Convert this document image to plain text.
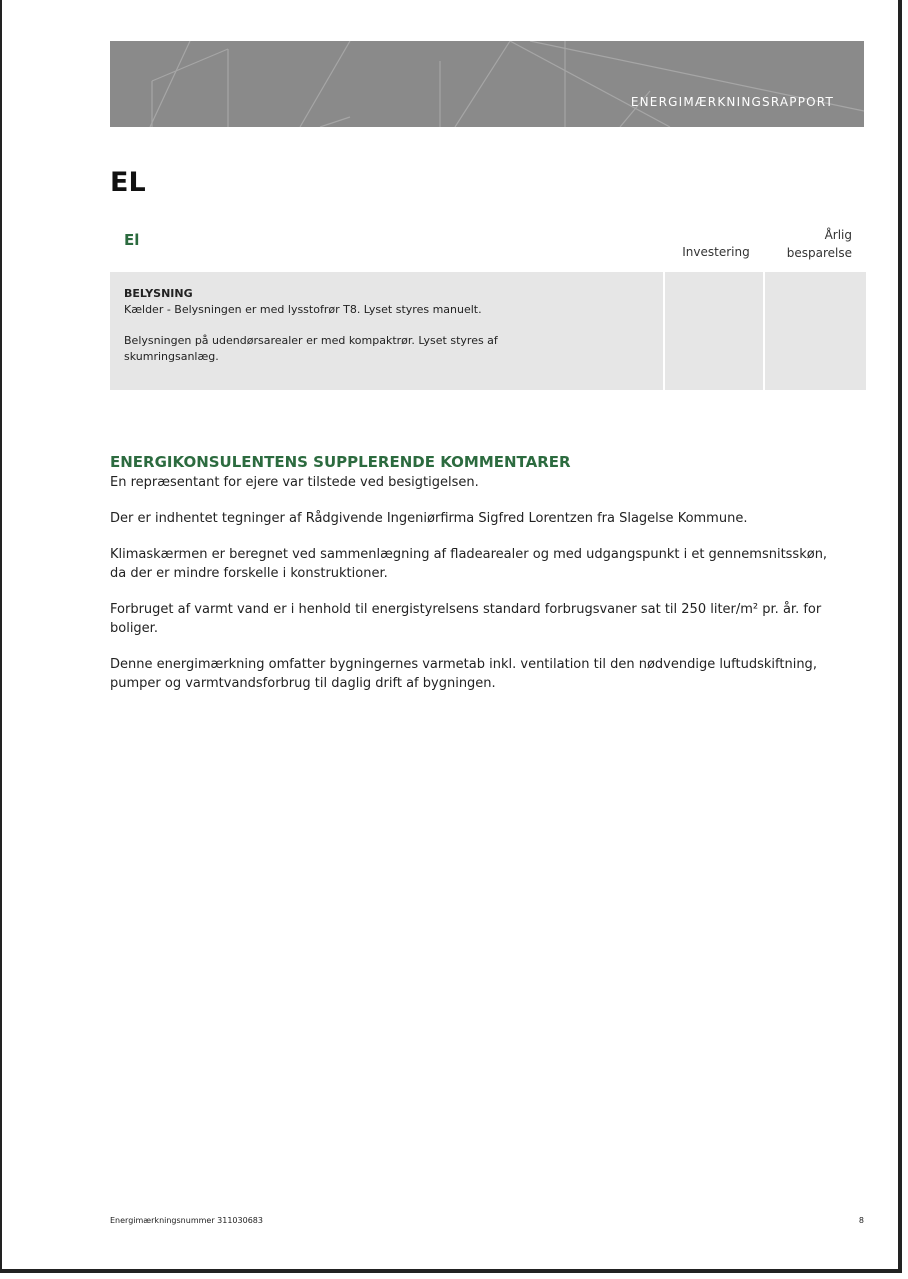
ENERGIMÆRKNINGSRAPPORT
EL
El
Investering
Årlig
besparelse
BELYSNING

Kælder - Belysningen er med lysstofrør T8. Lyset styres manuelt.

Belysningen på udendørsarealer er med kompaktrør. Lyset styres af

skumringsanlæg.

ENERGIKONSULENTENS SUPPLERENDE KOMMENTARER

En repræsentant for ejere var tilstede ved besigtigelsen.

Der er indhentet tegninger af Rådgivende Ingeniørfirma Sigfred Lorentzen fra Slagelse Kommune.

Klimaskærmen er beregnet ved sammenlægning af fladearealer og med udgangspunkt i et gennemsnitsskøn, da der er mindre forskelle i konstruktioner.

Forbruget af varmt vand er i henhold til energistyrelsens standard forbrugsvaner sat til 250 liter/m² pr. år. for boliger.

Denne energimærkning omfatter bygningernes varmetab inkl. ventilation til den nødvendige luftudskiftning, pumper og varmtvandsforbrug til daglig drift af bygningen.

Energimærkningsnummer 311030683	8
